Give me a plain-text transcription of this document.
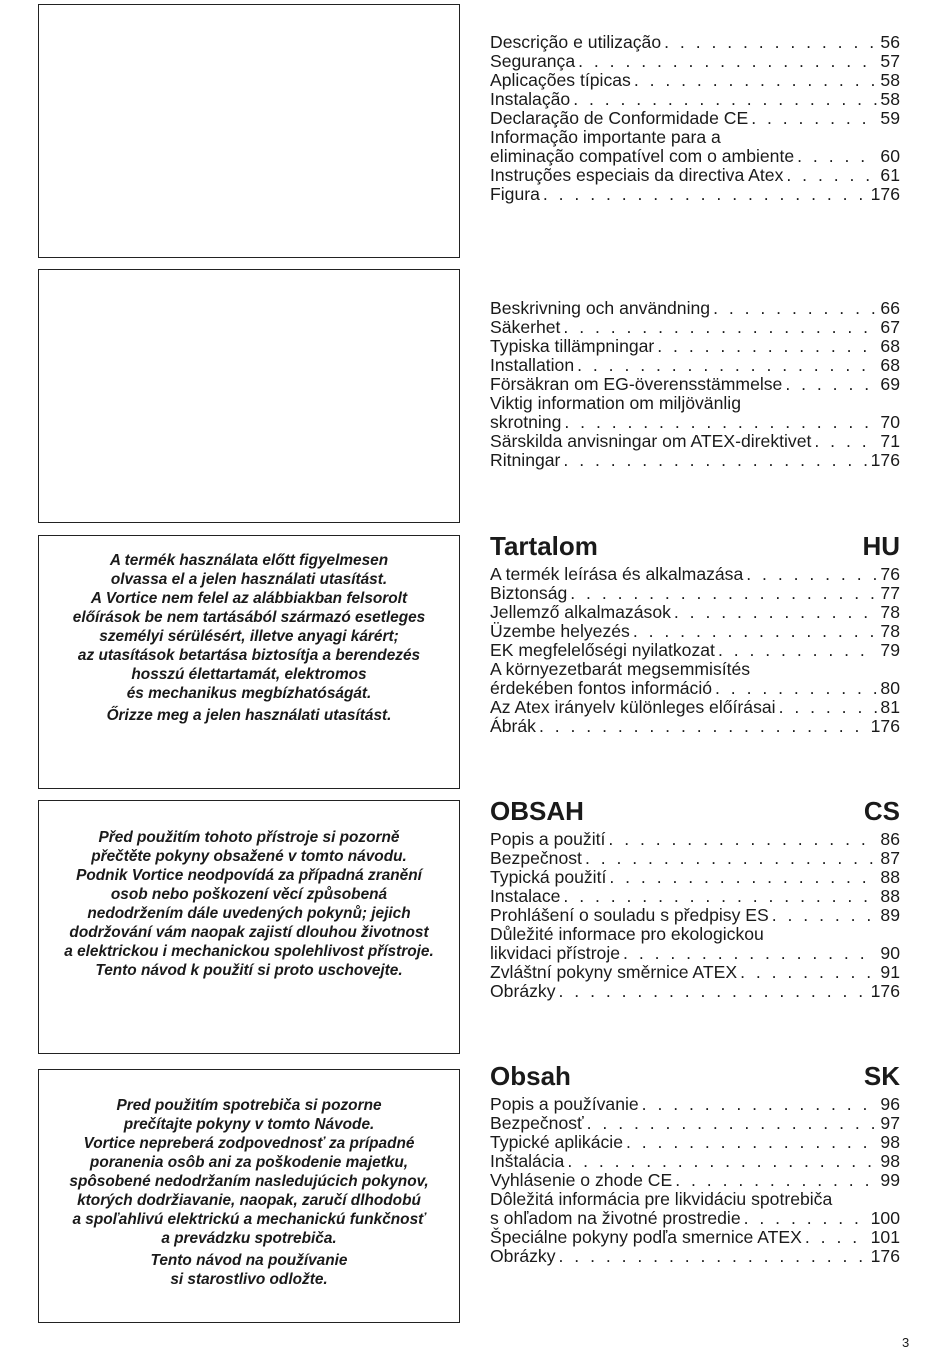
A termék használata előtt figyelmesen
olvassa el a jelen használati utasítást.
A Vortice nem felel az alábbiakban felsorolt
előírások be nem tartásából származó esetleges
személyi sérülésért, illetve anyagi kárért;
az utasítások betartása biztosítja a berendezés
hosszú élettartamát, elektromos
és mechanikus megbízhatóságát.
Őrizze meg a jelen használati utasítást.
Před použitím tohoto přístroje si pozorně
přečtěte pokyny obsažené v tomto návodu.
Podnik Vortice neodpovídá za případná zranění
osob nebo poškození věcí způsobená
nedodržením dále uvedených pokynů; jejich
dodržování vám naopak zajistí dlouhou životnost
a elektrickou i mechanickou spolehlivost přístroje.
Tento návod k použití si proto uschovejte.
Pred použitím spotrebiča si pozorne
prečítajte pokyny v tomto Návode.
Vortice nepreberá zodpovednosť za prípadné
poranenia osôb ani za poškodenie majetku,
spôsobené nedodržaním nasledujúcich pokynov,
ktorých dodržiavanie, naopak, zaručí dlhodobú
a spoľahlivú elektrickú a mechanickú funkčnosť
a prevádzku spotrebiča.
Tento návod na používanie
si starostlivo odložte.
Descrição e utilização . . .	56
Segurança . . .	57
Aplicações típicas . . .	58
Instalação . . .	58
Declaração de Conformidade CE . . .	59
Informação importante para a
eliminação compatível com o ambiente . . .	60
Instruções especiais da directiva Atex . . .	61
Figura . . .	176
Beskrivning och användning . . .	66
Säkerhet . . .	67
Typiska tillämpningar . . .	68
Installation . . .	68
Försäkran om EG-överensstämmelse . . .	69
Viktig information om miljövänlig
skrotning . . .	70
Särskilda anvisningar om ATEX-direktivet . . .	71
Ritningar . . .	176
Tartalom	HU
A termék leírása és alkalmazása . . .	76
Biztonság . . .	77
Jellemző alkalmazások . . .	78
Üzembe helyezés . . .	78
EK megfelelőségi nyilatkozat . . .	79
A környezetbarát megsemmisítés
érdekében fontos információ . . .	80
Az Atex irányelv különleges előírásai . . .	81
Ábrák . . .	176
OBSAH	CS
Popis a použití . . .	86
Bezpečnost . . .	87
Typická použití . . .	88
Instalace . . .	88
Prohlášení o souladu s předpisy ES . . .	89
Důležité informace pro ekologickou
likvidaci přístroje . . .	90
Zvláštní pokyny směrnice ATEX . . .	91
Obrázky . . .	176
Obsah	SK
Popis a používanie . . .	96
Bezpečnosť . . .	97
Typické aplikácie . . .	98
Inštalácia . . .	98
Vyhlásenie o zhode CE . . .	99
Dôležitá informácia pre likvidáciu spotrebiča
s ohľadom na životné prostredie . . .	100
Špeciálne pokyny podľa smernice ATEX . . .	101
Obrázky . . .	176
3
